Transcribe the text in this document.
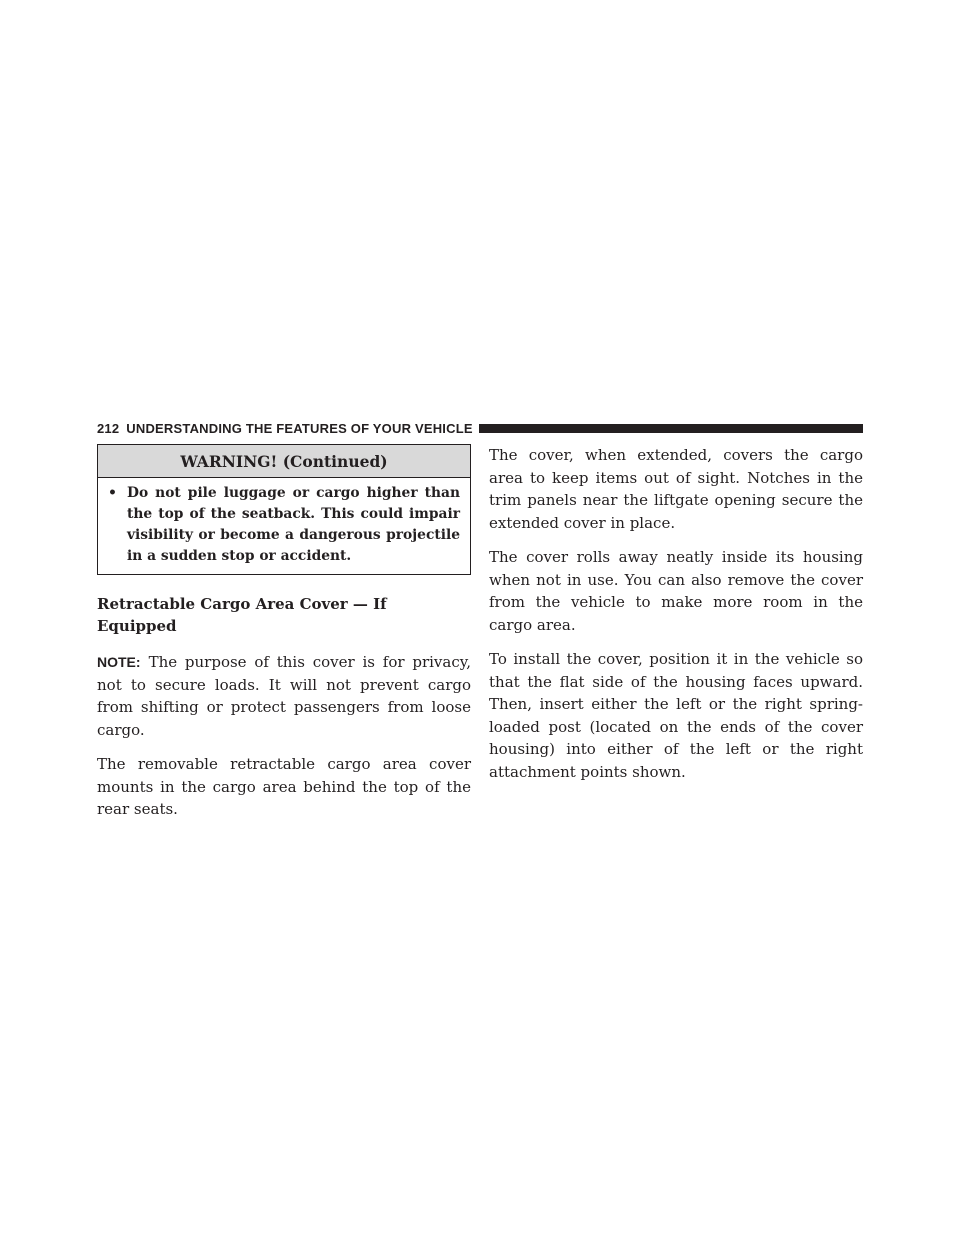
212 UNDERSTANDING THE FEATURES OF YOUR VEHICLE
WARNING! (Continued)
• Do not pile luggage or cargo higher than the top of the seatback. This could impair visibility or become a dangerous projectile in a sudden stop or accident.
Retractable Cargo Area Cover — If Equipped

NOTE: The purpose of this cover is for privacy, not to secure loads. It will not prevent cargo from shifting or protect passengers from loose cargo.

The removable retractable cargo area cover mounts in the cargo area behind the top of the rear seats.

The cover, when extended, covers the cargo area to keep items out of sight. Notches in the trim panels near the liftgate opening secure the extended cover in place.

The cover rolls away neatly inside its housing when not in use. You can also remove the cover from the vehicle to make more room in the cargo area.

To install the cover, position it in the vehicle so that the flat side of the housing faces upward. Then, insert either the left or the right spring-loaded post (located on the ends of the cover housing) into either of the left or the right attachment points shown.
